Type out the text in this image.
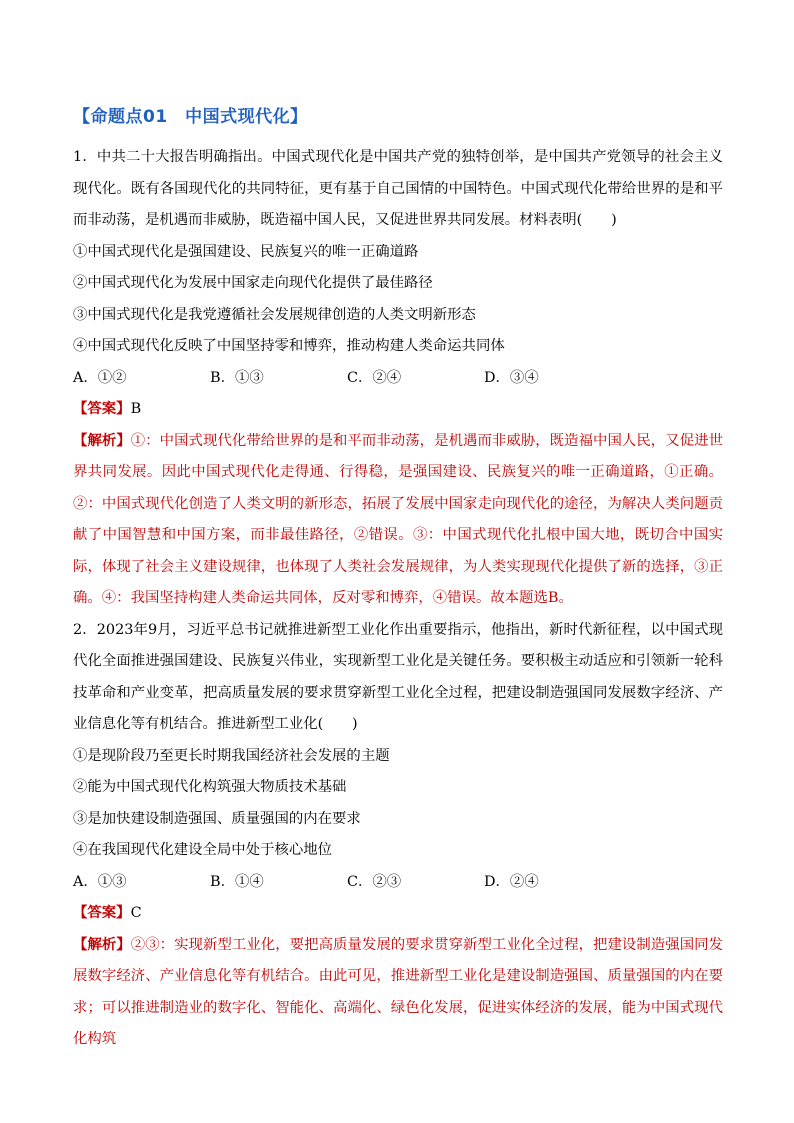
【命题点01　中国式现代化】

1．中共二十大报告明确指出。中国式现代化是中国共产党的独特创举，是中国共产党领导的社会主义现代化。既有各国现代化的共同特征，更有基于自己国情的中国特色。中国式现代化带给世界的是和平而非动荡，是机遇而非威胁，既造福中国人民，又促进世界共同发展。材料表明(　　)

①中国式现代化是强国建设、民族复兴的唯一正确道路

②中国式现代化为发展中国家走向现代化提供了最佳路径

③中国式现代化是我党遵循社会发展规律创造的人类文明新形态

④中国式现代化反映了中国坚持零和博弈，推动构建人类命运共同体

A．①②	B．①③	C．②④	D．③④

【答案】B

【解析】①：中国式现代化带给世界的是和平而非动荡，是机遇而非威胁，既造福中国人民，又促进世界共同发展。因此中国式现代化走得通、行得稳，是强国建设、民族复兴的唯一正确道路，①正确。②：中国式现代化创造了人类文明的新形态，拓展了发展中国家走向现代化的途径，为解决人类问题贡献了中国智慧和中国方案，而非最佳路径，②错误。③：中国式现代化扎根中国大地，既切合中国实际，体现了社会主义建设规律，也体现了人类社会发展规律，为人类实现现代化提供了新的选择，③正确。④：我国坚持构建人类命运共同体，反对零和博弈，④错误。故本题选B。

2．2023年9月，习近平总书记就推进新型工业化作出重要指示，他指出，新时代新征程，以中国式现代化全面推进强国建设、民族复兴伟业，实现新型工业化是关键任务。要积极主动适应和引领新一轮科技革命和产业变革，把高质量发展的要求贯穿新型工业化全过程，把建设制造强国同发展数字经济、产业信息化等有机结合。推进新型工业化(　　)

①是现阶段乃至更长时期我国经济社会发展的主题

②能为中国式现代化构筑强大物质技术基础

③是加快建设制造强国、质量强国的内在要求

④在我国现代化建设全局中处于核心地位

A．①③	B．①④	C．②③	D．②④

【答案】C

【解析】②③：实现新型工业化，要把高质量发展的要求贯穿新型工业化全过程，把建设制造强国同发展数字经济、产业信息化等有机结合。由此可见，推进新型工业化是建设制造强国、质量强国的内在要求；可以推进制造业的数字化、智能化、高端化、绿色化发展，促进实体经济的发展，能为中国式现代化构筑
